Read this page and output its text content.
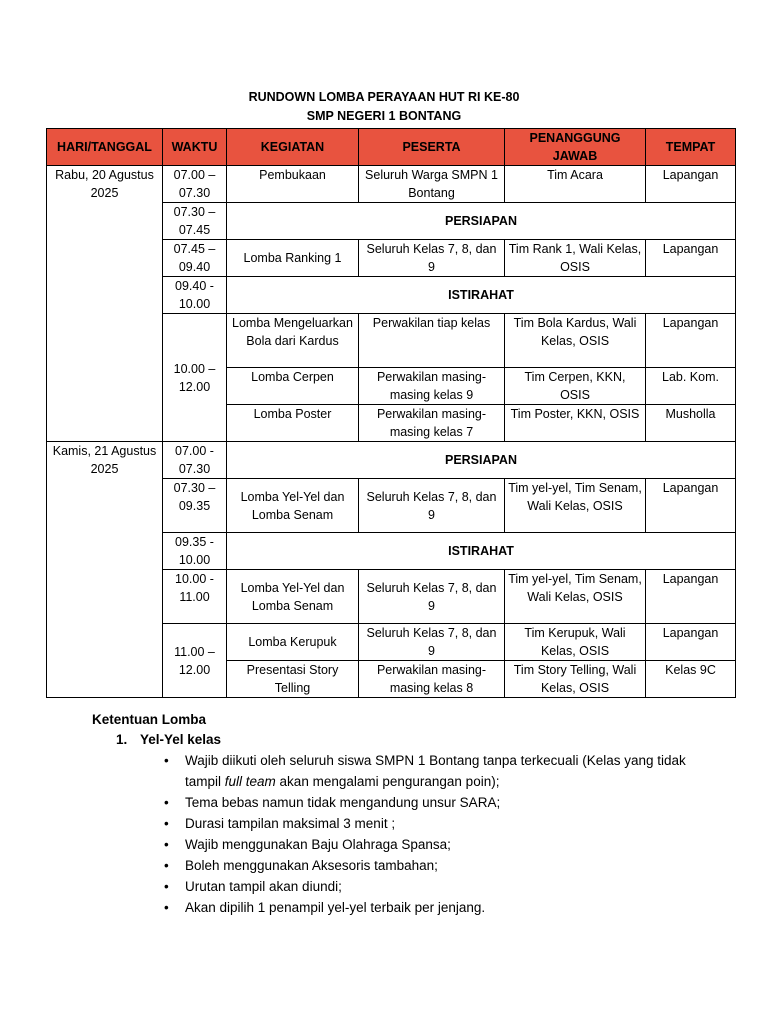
RUNDOWN LOMBA PERAYAAN HUT RI KE-80
SMP NEGERI 1 BONTANG
HARI/TANGGAL	WAKTU	KEGIATAN	PESERTA	PENANGGUNG JAWAB	TEMPAT
Rabu, 20 Agustus 2025	07.00 – 07.30	Pembukaan	Seluruh Warga SMPN 1 Bontang	Tim Acara	Lapangan
	07.30 – 07.45	PERSIAPAN			
	07.45 – 09.40	Lomba Ranking 1	Seluruh Kelas 7, 8, dan 9	Tim Rank 1, Wali Kelas, OSIS	Lapangan
	09.40 - 10.00	ISTIRAHAT			
	10.00 – 12.00	Lomba Mengeluarkan Bola dari Kardus	Perwakilan tiap kelas	Tim Bola Kardus, Wali Kelas, OSIS	Lapangan
		Lomba Cerpen	Perwakilan masing-masing kelas 9	Tim Cerpen, KKN, OSIS	Lab. Kom.
		Lomba Poster	Perwakilan masing-masing kelas 7	Tim Poster, KKN, OSIS	Musholla
Kamis, 21 Agustus 2025	07.00 - 07.30	PERSIAPAN			
	07.30 – 09.35	Lomba Yel-Yel dan Lomba Senam	Seluruh Kelas 7, 8, dan 9	Tim yel-yel, Tim Senam, Wali Kelas, OSIS	Lapangan
	09.35 - 10.00	ISTIRAHAT			
	10.00 - 11.00	Lomba Yel-Yel dan Lomba Senam	Seluruh Kelas 7, 8, dan 9	Tim yel-yel, Tim Senam, Wali Kelas, OSIS	Lapangan
	11.00 – 12.00	Lomba Kerupuk	Seluruh Kelas 7, 8, dan 9	Tim Kerupuk, Wali Kelas, OSIS	Lapangan
		Presentasi Story Telling	Perwakilan masing-masing kelas 8	Tim Story Telling, Wali Kelas, OSIS	Kelas 9C
Ketentuan Lomba
1. Yel-Yel kelas
• Wajib diikuti oleh seluruh siswa SMPN 1 Bontang tanpa terkecuali (Kelas yang tidak tampil full team akan mengalami pengurangan poin);
• Tema bebas namun tidak mengandung unsur SARA;
• Durasi tampilan maksimal 3 menit ;
• Wajib menggunakan Baju Olahraga Spansa;
• Boleh menggunakan Aksesoris tambahan;
• Urutan tampil akan diundi;
• Akan dipilih 1 penampil yel-yel terbaik per jenjang.
